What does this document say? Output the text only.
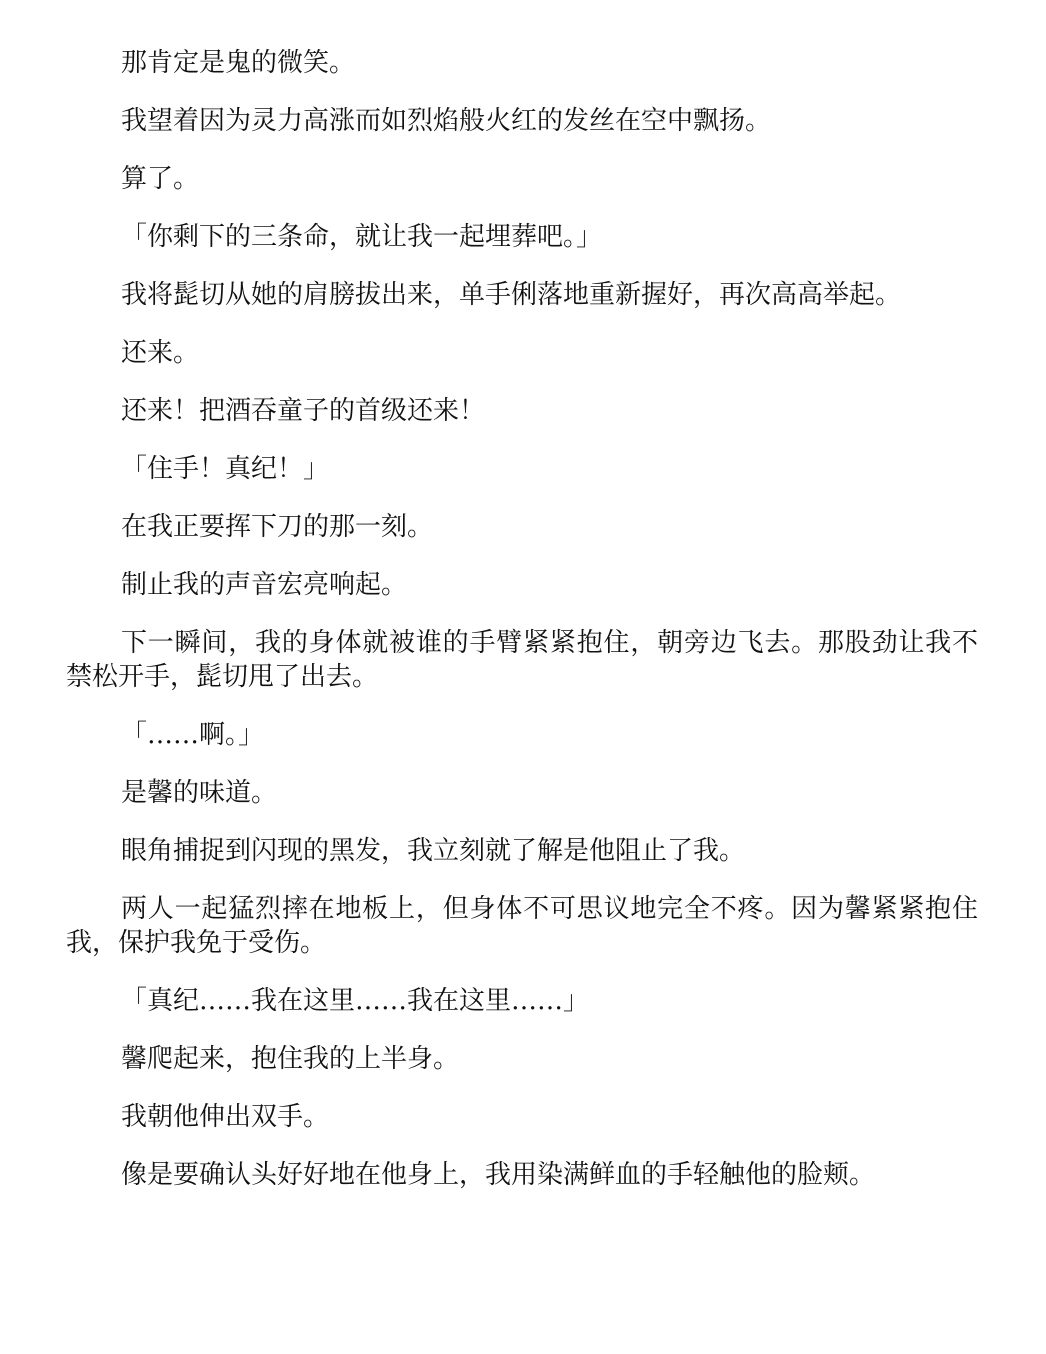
那肯定是鬼的微笑。

我望着因为灵力高涨而如烈焰般火红的发丝在空中飘扬。

算了。

「你剩下的三条命，就让我一起埋葬吧。」

我将髭切从她的肩膀拔出来，单手俐落地重新握好，再次高高举起。

还来。

还来！把酒吞童子的首级还来！

「住手！真纪！」

在我正要挥下刀的那一刻。

制止我的声音宏亮响起。

下一瞬间，我的身体就被谁的手臂紧紧抱住，朝旁边飞去。那股劲让我不禁松开手，髭切甩了出去。

「……啊。」

是馨的味道。

眼角捕捉到闪现的黑发，我立刻就了解是他阻止了我。

两人一起猛烈摔在地板上，但身体不可思议地完全不疼。因为馨紧紧抱住我，保护我免于受伤。

「真纪……我在这里……我在这里……」

馨爬起来，抱住我的上半身。

我朝他伸出双手。

像是要确认头好好地在他身上，我用染满鲜血的手轻触他的脸颊。
